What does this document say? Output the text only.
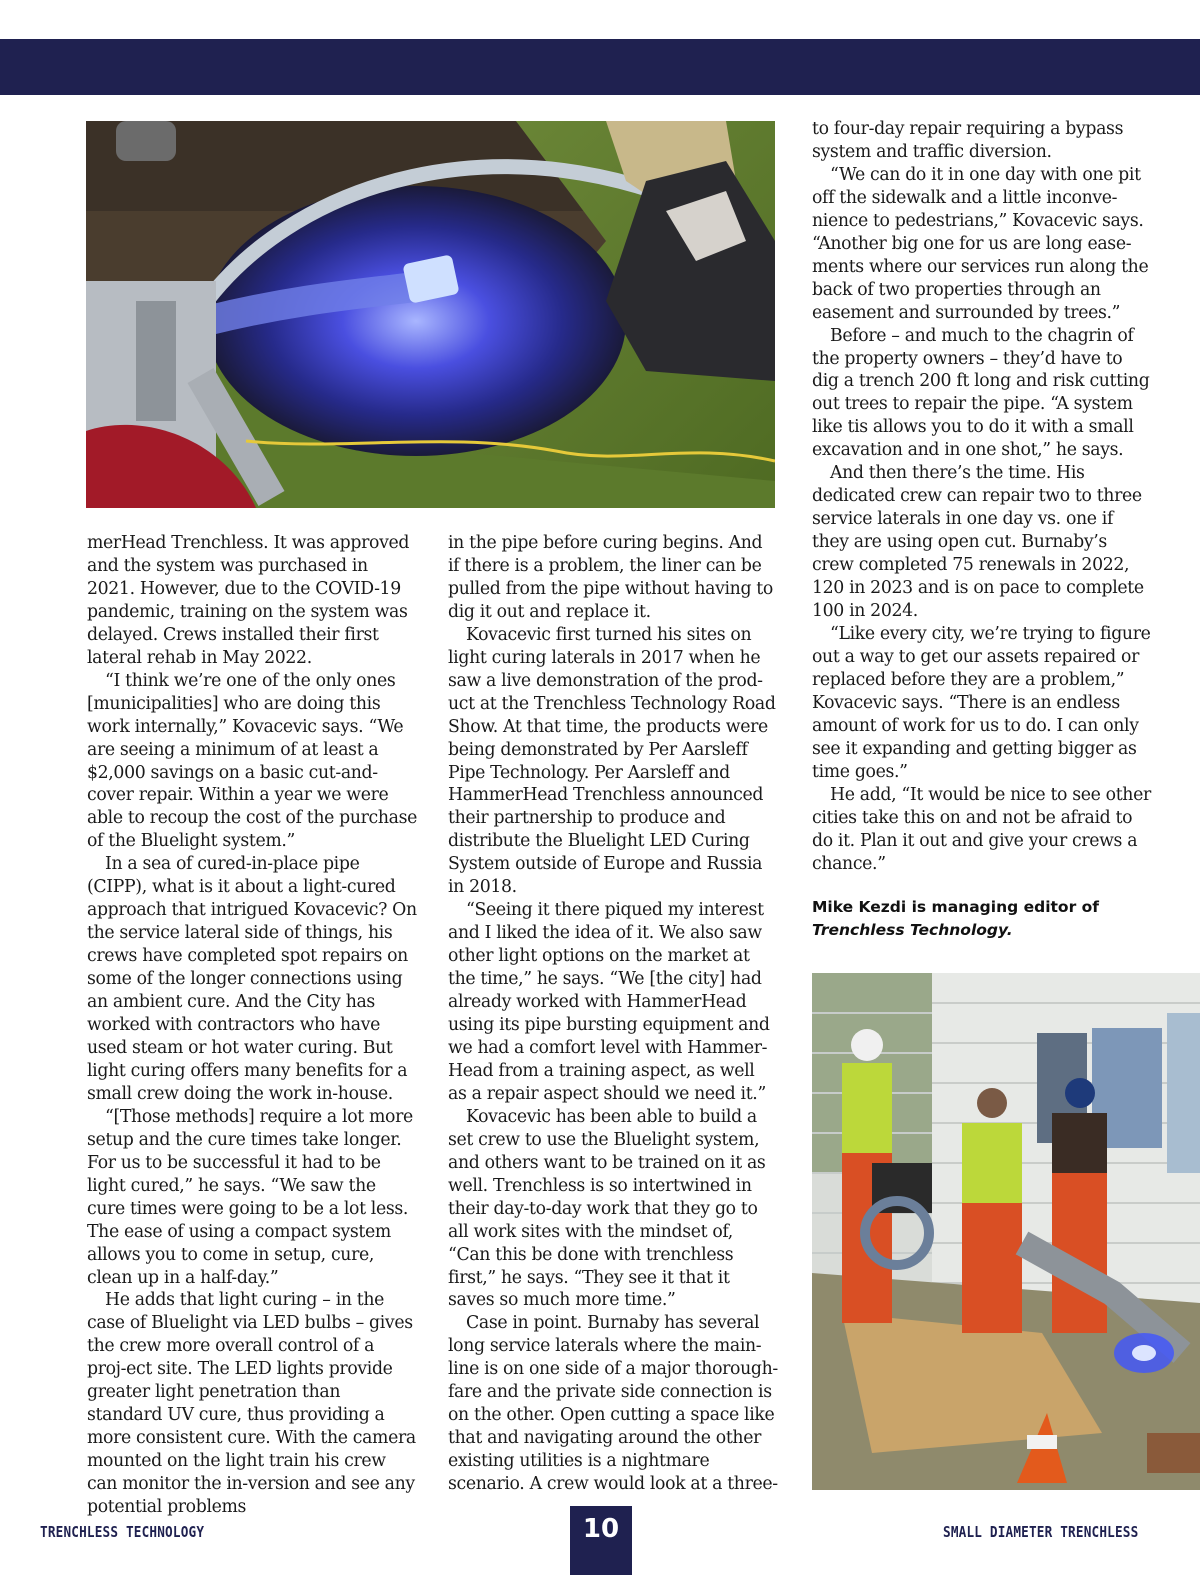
merHead Trenchless. It was approved and the system was purchased in 2021. However, due to the COVID-19 pandemic, training on the system was delayed. Crews installed their first lateral rehab in May 2022.

“I think we’re one of the only ones [municipalities] who are doing this work internally,” Kovacevic says. “We are seeing a minimum of at least a $2,000 savings on a basic cut-and-cover repair. Within a year we were able to recoup the cost of the purchase of the Bluelight system.”

In a sea of cured-in-place pipe (CIPP), what is it about a light-cured approach that intrigued Kovacevic? On the service lateral side of things, his crews have completed spot repairs on some of the longer connections using an ambient cure. And the City has worked with contractors who have used steam or hot water curing. But light curing offers many benefits for a small crew doing the work in-house.

“[Those methods] require a lot more setup and the cure times take longer. For us to be successful it had to be light cured,” he says. “We saw the cure times were going to be a lot less. The ease of using a compact system allows you to come in setup, cure, clean up in a half-day.”

He adds that light curing – in the case of Bluelight via LED bulbs – gives the crew more overall control of a proj-ect site. The LED lights provide greater light penetration than standard UV cure, thus providing a more consistent cure. With the camera mounted on the light train his crew can monitor the in-version and see any potential problems

in the pipe before curing begins. And if there is a problem, the liner can be pulled from the pipe without having to dig it out and replace it.

Kovacevic first turned his sites on light curing laterals in 2017 when he saw a live demonstration of the prod-uct at the Trenchless Technology Road Show. At that time, the products were being demonstrated by Per Aarsleff Pipe Technology. Per Aarsleff and HammerHead Trenchless announced their partnership to produce and distribute the Bluelight LED Curing System outside of Europe and Russia in 2018.

“Seeing it there piqued my interest and I liked the idea of it. We also saw other light options on the market at the time,” he says. “We [the city] had already worked with HammerHead using its pipe bursting equipment and we had a comfort level with Hammer-Head from a training aspect, as well as a repair aspect should we need it.”

Kovacevic has been able to build a set crew to use the Bluelight system, and others want to be trained on it as well. Trenchless is so intertwined in their day-to-day work that they go to all work sites with the mindset of, “Can this be done with trenchless first,” he says. “They see it that it saves so much more time.”

Case in point. Burnaby has several long service laterals where the main-line is on one side of a major thorough-fare and the private side connection is on the other. Open cutting a space like that and navigating around the other existing utilities is a nightmare scenario. A crew would look at a three-

to four-day repair requiring a bypass system and traffic diversion.

“We can do it in one day with one pit off the sidewalk and a little inconve-nience to pedestrians,” Kovacevic says. “Another big one for us are long ease-ments where our services run along the back of two properties through an easement and surrounded by trees.”

Before – and much to the chagrin of the property owners – they’d have to dig a trench 200 ft long and risk cutting out trees to repair the pipe. “A system like tis allows you to do it with a small excavation and in one shot,” he says.

And then there’s the time. His dedicated crew can repair two to three service laterals in one day vs. one if they are using open cut. Burnaby’s crew completed 75 renewals in 2022, 120 in 2023 and is on pace to complete 100 in 2024.

“Like every city, we’re trying to figure out a way to get our assets repaired or replaced before they are a problem,” Kovacevic says. “There is an endless amount of work for us to do. I can only see it expanding and getting bigger as time goes.”

He add, “It would be nice to see other cities take this on and not be afraid to do it. Plan it out and give your crews a chance.”

Mike Kezdi is managing editor of
Trenchless Technology.
TRENCHLESS TECHNOLOGY	10	SMALL DIAMETER TRENCHLESS
